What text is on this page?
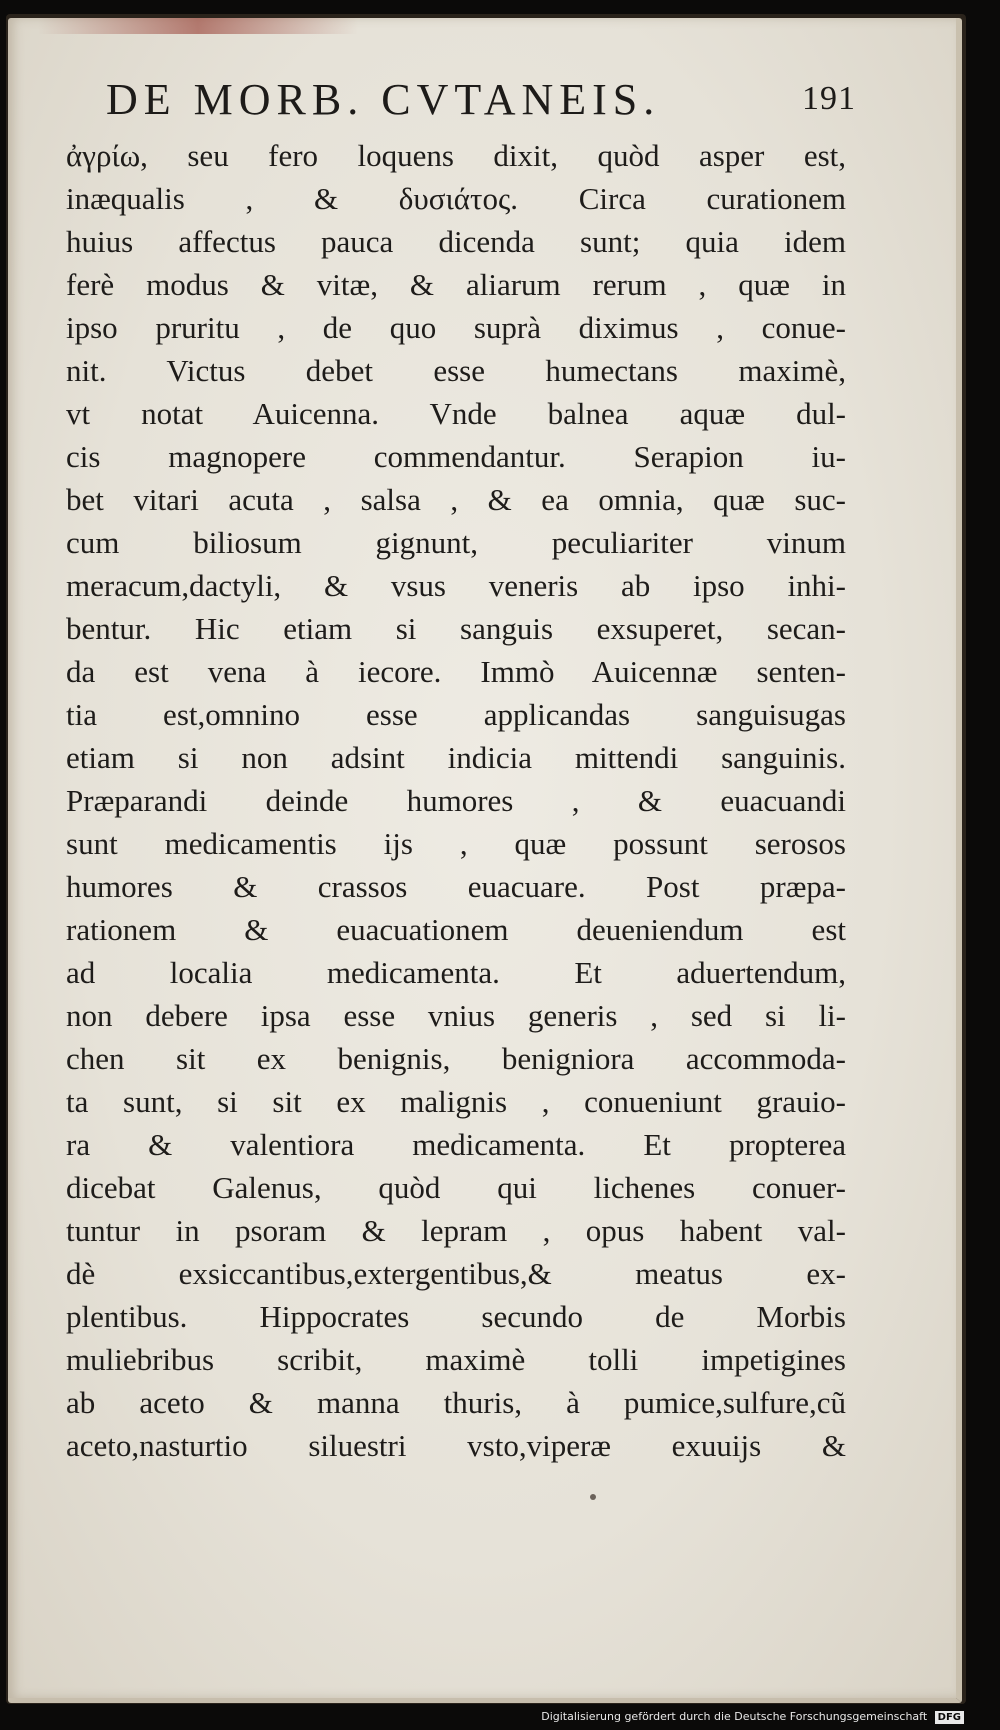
DE MORB. CVTANEIS.	191
ἀγρίω, seu fero loquens dixit, quòd asper est,
inæqualis , & δυσιάτος. Circa curationem
huius affectus pauca dicenda sunt; quia idem
ferè modus & vitæ, & aliarum rerum , quæ in
ipso pruritu , de quo suprà diximus , conue-
nit. Victus debet esse humectans maximè,
vt notat Auicenna. Vnde balnea aquæ dul-
cis magnopere commendantur. Serapion iu-
bet vitari acuta , salsa , & ea omnia, quæ suc-
cum biliosum gignunt, peculiariter vinum
meracum,dactyli, & vsus veneris ab ipso inhi-
bentur. Hic etiam si sanguis exsuperet, secan-
da est vena à iecore. Immò Auicennæ senten-
tia est,omnino esse applicandas sanguisugas
etiam si non adsint indicia mittendi sanguinis.
Præparandi deinde humores , & euacuandi
sunt medicamentis ijs , quæ possunt serosos
humores & crassos euacuare. Post præpa-
rationem & euacuationem deueniendum est
ad localia medicamenta. Et aduertendum,
non debere ipsa esse vnius generis , sed si li-
chen sit ex benignis, benigniora accommoda-
ta sunt, si sit ex malignis , conueniunt grauio-
ra & valentiora medicamenta. Et propterea
dicebat Galenus, quòd qui lichenes conuer-
tuntur in psoram & lepram , opus habent val-
dè exsiccantibus,extergentibus,& meatus ex-
plentibus. Hippocrates secundo de Morbis
muliebribus scribit, maximè tolli impetigines
ab aceto & manna thuris, à pumice,sulfure,cũ
aceto,nasturtio siluestri vsto,viperæ exuuijs &
Digitalisierung gefördert durch die Deutsche Forschungsgemeinschaft DFG
